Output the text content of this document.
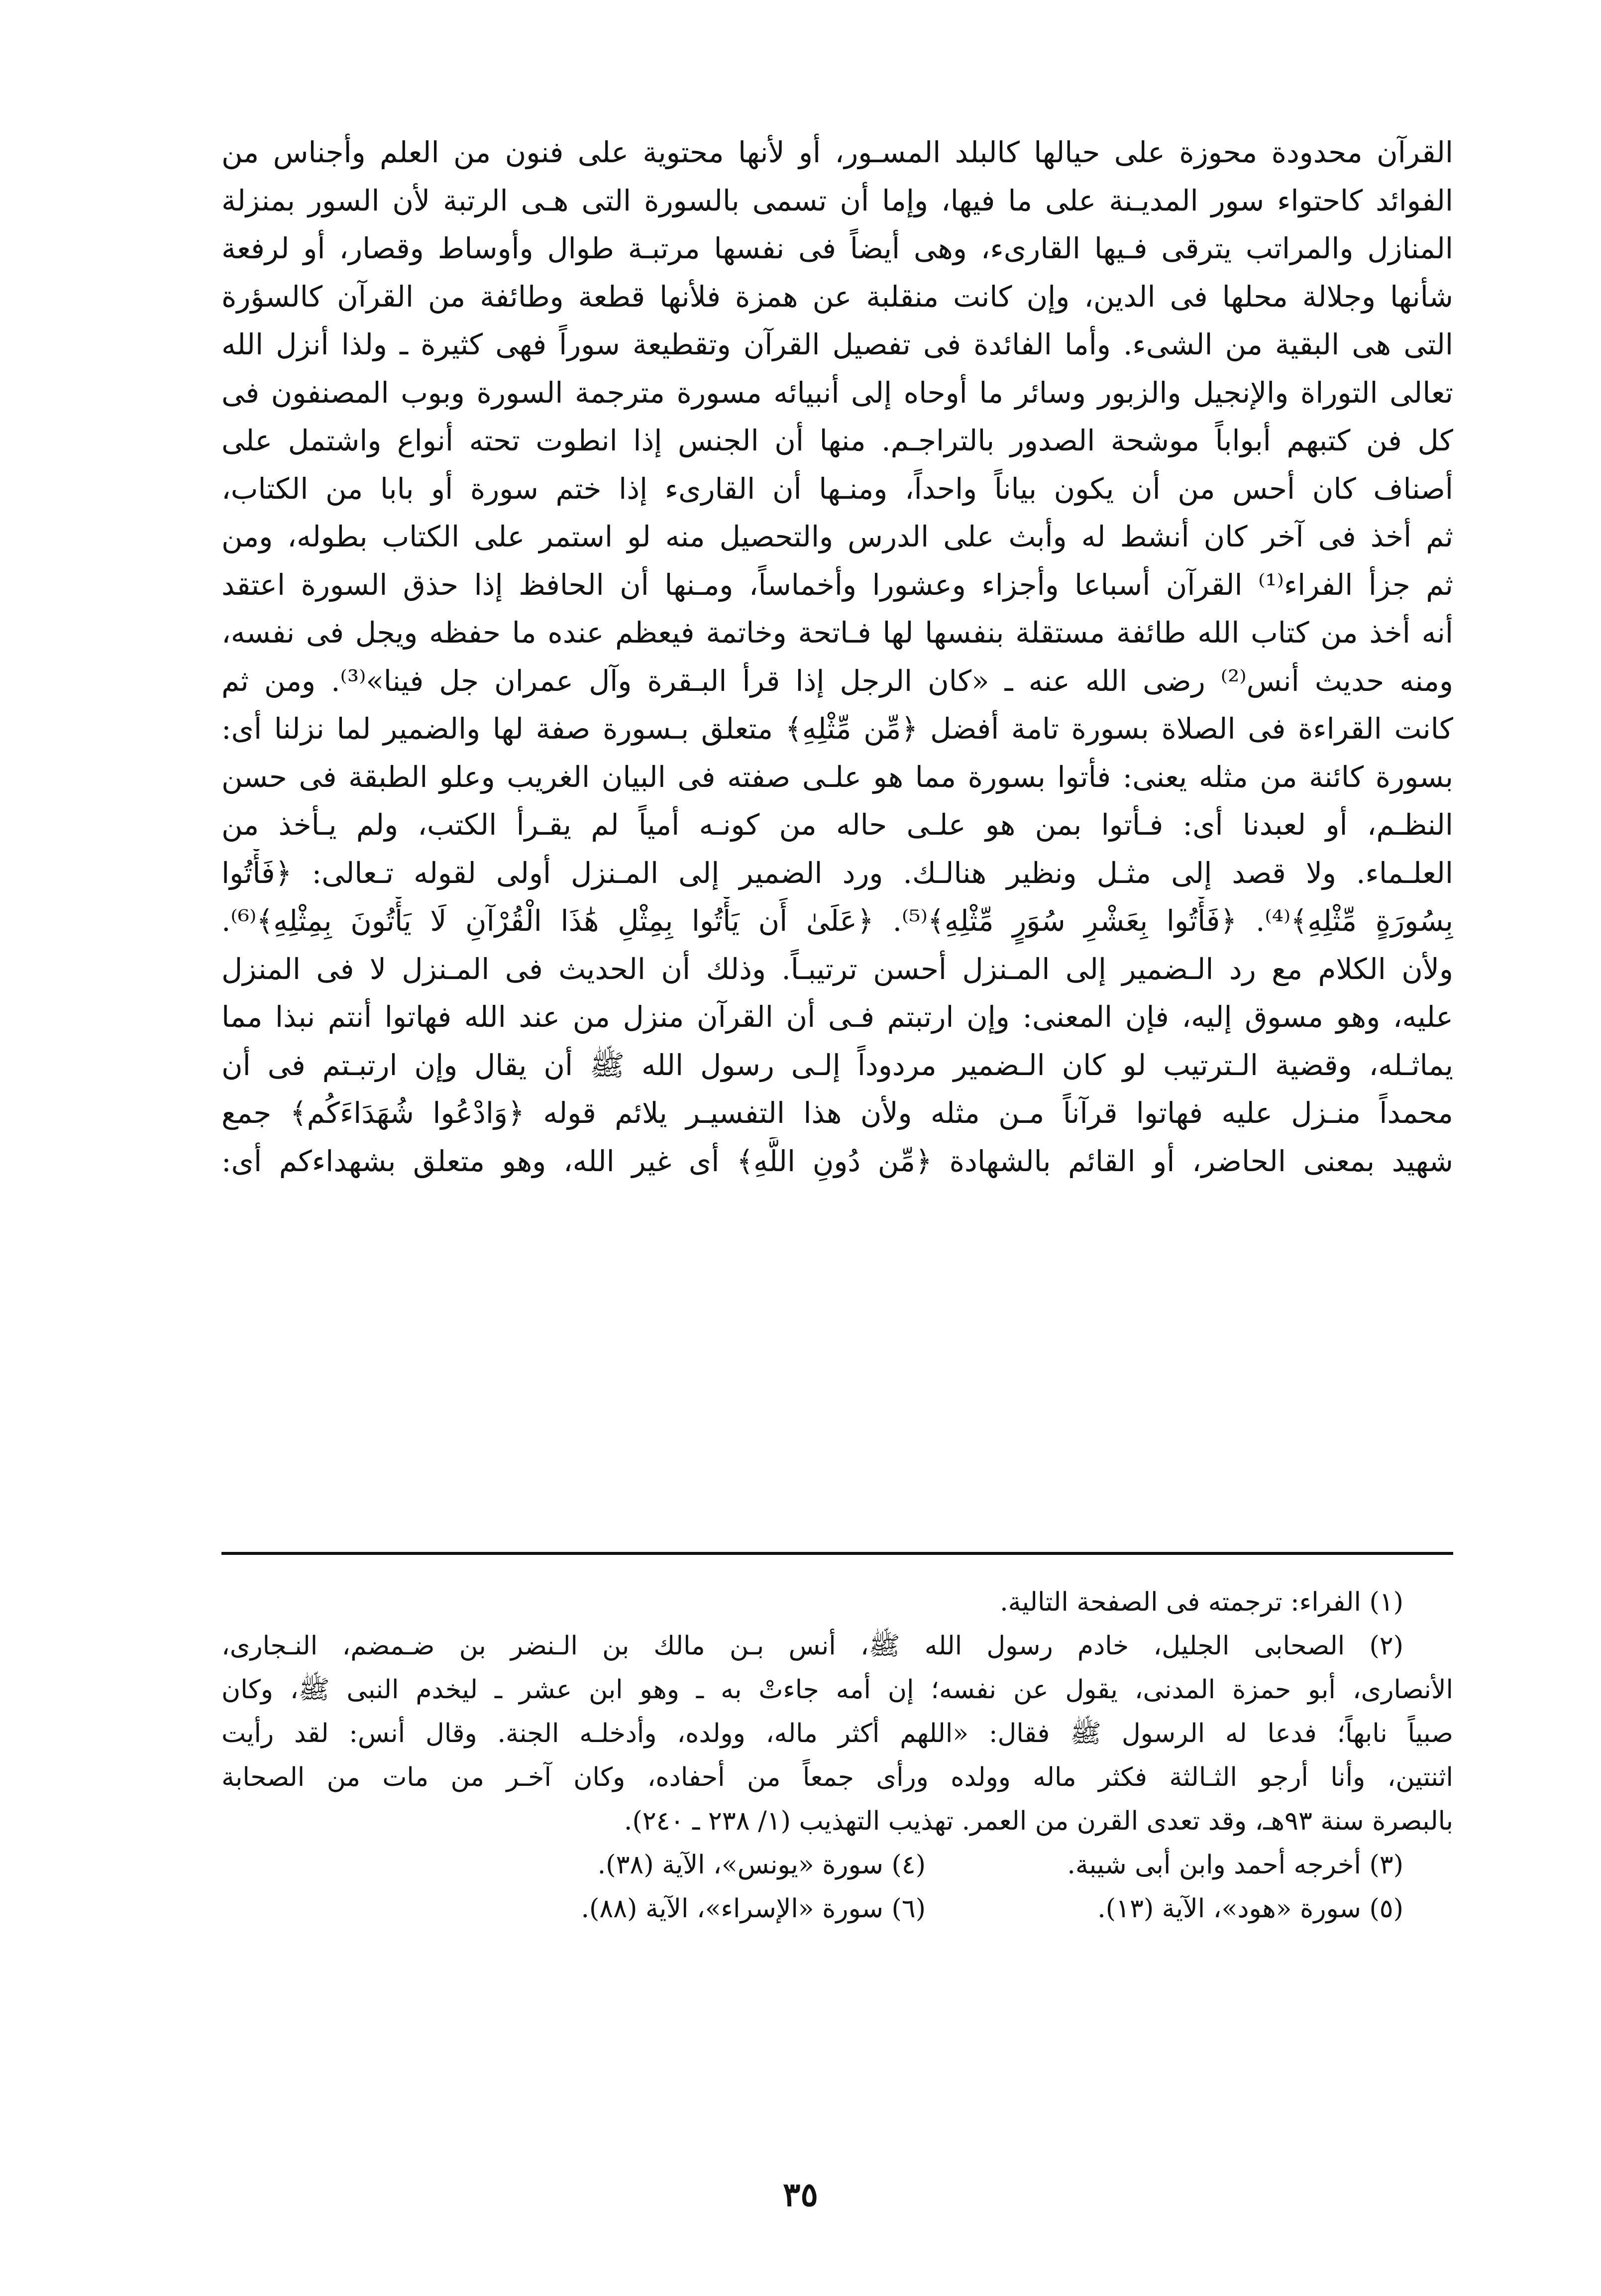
القرآن محدودة محوزة على حيالها كالبلد المسـور، أو لأنها محتوية على فنون من العلم وأجناس من
الفوائد كاحتواء سور المديـنة على ما فيها، وإما أن تسمى بالسورة التى هـى الرتبة لأن السور بمنزلة
المنازل والمراتب يترقى فـيها القارىء، وهى أيضاً فى نفسها مرتبـة طوال وأوساط وقصار، أو لرفعة
شأنها وجلالة محلها فى الدين، وإن كانت منقلبة عن همزة فلأنها قطعة وطائفة من القرآن كالسؤرة
التى هى البقية من الشىء. وأما الفائدة فى تفصيل القرآن وتقطيعة سوراً فهى كثيرة ـ ولذا أنزل الله
تعالى التوراة والإنجيل والزبور وسائر ما أوحاه إلى أنبيائه مسورة مترجمة السورة وبوب المصنفون فى
كل فن كتبهم أبواباً موشحة الصدور بالتراجـم. منها أن الجنس إذا انطوت تحته أنواع واشتمل على
أصناف كان أحس من أن يكون بياناً واحداً، ومنـها أن القارىء إذا ختم سورة أو بابا من الكتاب،
ثم أخذ فى آخر كان أنشط له وأبث على الدرس والتحصيل منه لو استمر على الكتاب بطوله، ومن
ثم جزأ الفراء⁽¹⁾ القرآن أسباعا وأجزاء وعشورا وأخماساً، ومـنها أن الحافظ إذا حذق السورة اعتقد
أنه أخذ من كتاب الله طائفة مستقلة بنفسها لها فـاتحة وخاتمة فيعظم عنده ما حفظه ويجل فى نفسه،
ومنه حديث أنس⁽²⁾ رضى الله عنه ـ «كان الرجل إذا قرأ البـقرة وآل عمران جل فينا»⁽³⁾. ومن ثم
كانت القراءة فى الصلاة بسورة تامة أفضل ﴿مِّن مِّثْلِهِ﴾ متعلق بـسورة صفة لها والضمير لما نزلنا أى:
بسورة كائنة من مثله يعنى: فأتوا بسورة مما هو علـى صفته فى البيان الغريب وعلو الطبقة فى حسن
النظـم، أو لعبدنا أى: فـأتوا بمن هو علـى حاله من كونـه أمياً لم يقـرأ الكتب، ولم يـأخذ من
العلـماء. ولا قصد إلى مثـل ونظير هنالـك. ورد الضمير إلى المـنزل أولى لقوله تـعالى: ﴿فَأْتُوا
بِسُورَةٍ مِّثْلِهِ﴾⁽⁴⁾. ﴿فَأْتُوا بِعَشْرِ سُوَرٍ مِّثْلِهِ﴾⁽⁵⁾. ﴿عَلَىٰ أَن يَأْتُوا بِمِثْلِ هَٰذَا الْقُرْآنِ لَا يَأْتُونَ بِمِثْلِهِ﴾⁽⁶⁾.
ولأن الكلام مع رد الـضمير إلى المـنزل أحسن ترتيبـاً. وذلك أن الحديث فى المـنزل لا فى المنزل
عليه، وهو مسوق إليه، فإن المعنى: وإن ارتبتم فـى أن القرآن منزل من عند الله فهاتوا أنتم نبذا مما
يماثـله، وقضية الـترتيب لو كان الـضمير مردوداً إلـى رسول الله ﷺ أن يقال وإن ارتبـتم فى أن
محمداً منـزل عليه فهاتوا قرآناً مـن مثله ولأن هذا التفسيـر يلائم قوله ﴿وَادْعُوا شُهَدَاءَكُم﴾ جمع
شهيد بمعنى الحاضر، أو القائم بالشهادة ﴿مِّن دُونِ اللَّهِ﴾ أى غير الله، وهو متعلق بشهداءكم أى:
(١) الفراء: ترجمته فى الصفحة التالية.
(٢) الصحابى الجليل، خادم رسول الله ﷺ، أنس بـن مالك بن الـنضر بن ضـمضم، النـجارى،
الأنصارى، أبو حمزة المدنى، يقول عن نفسه؛ إن أمه جاءتْ به ـ وهو ابن عشر ـ ليخدم النبى ﷺ، وكان
صبياً نابهاً؛ فدعا له الرسول ﷺ فقال: «اللهم أكثر ماله، وولده، وأدخلـه الجنة. وقال أنس: لقد رأيت
اثنتين، وأنا أرجو الثـالثة فكثر ماله وولده ورأى جمعاً من أحفاده، وكان آخـر من مات من الصحابة
بالبصرة سنة ٩٣هـ، وقد تعدى القرن من العمر. تهذيب التهذيب (١/ ٢٣٨ ـ ٢٤٠).
(٣) أخرجه أحمد وابن أبى شيبة.
(٤) سورة «يونس»، الآية (٣٨).
(٥) سورة «هود»، الآية (١٣).
(٦) سورة «الإسراء»، الآية (٨٨).
٣٥
